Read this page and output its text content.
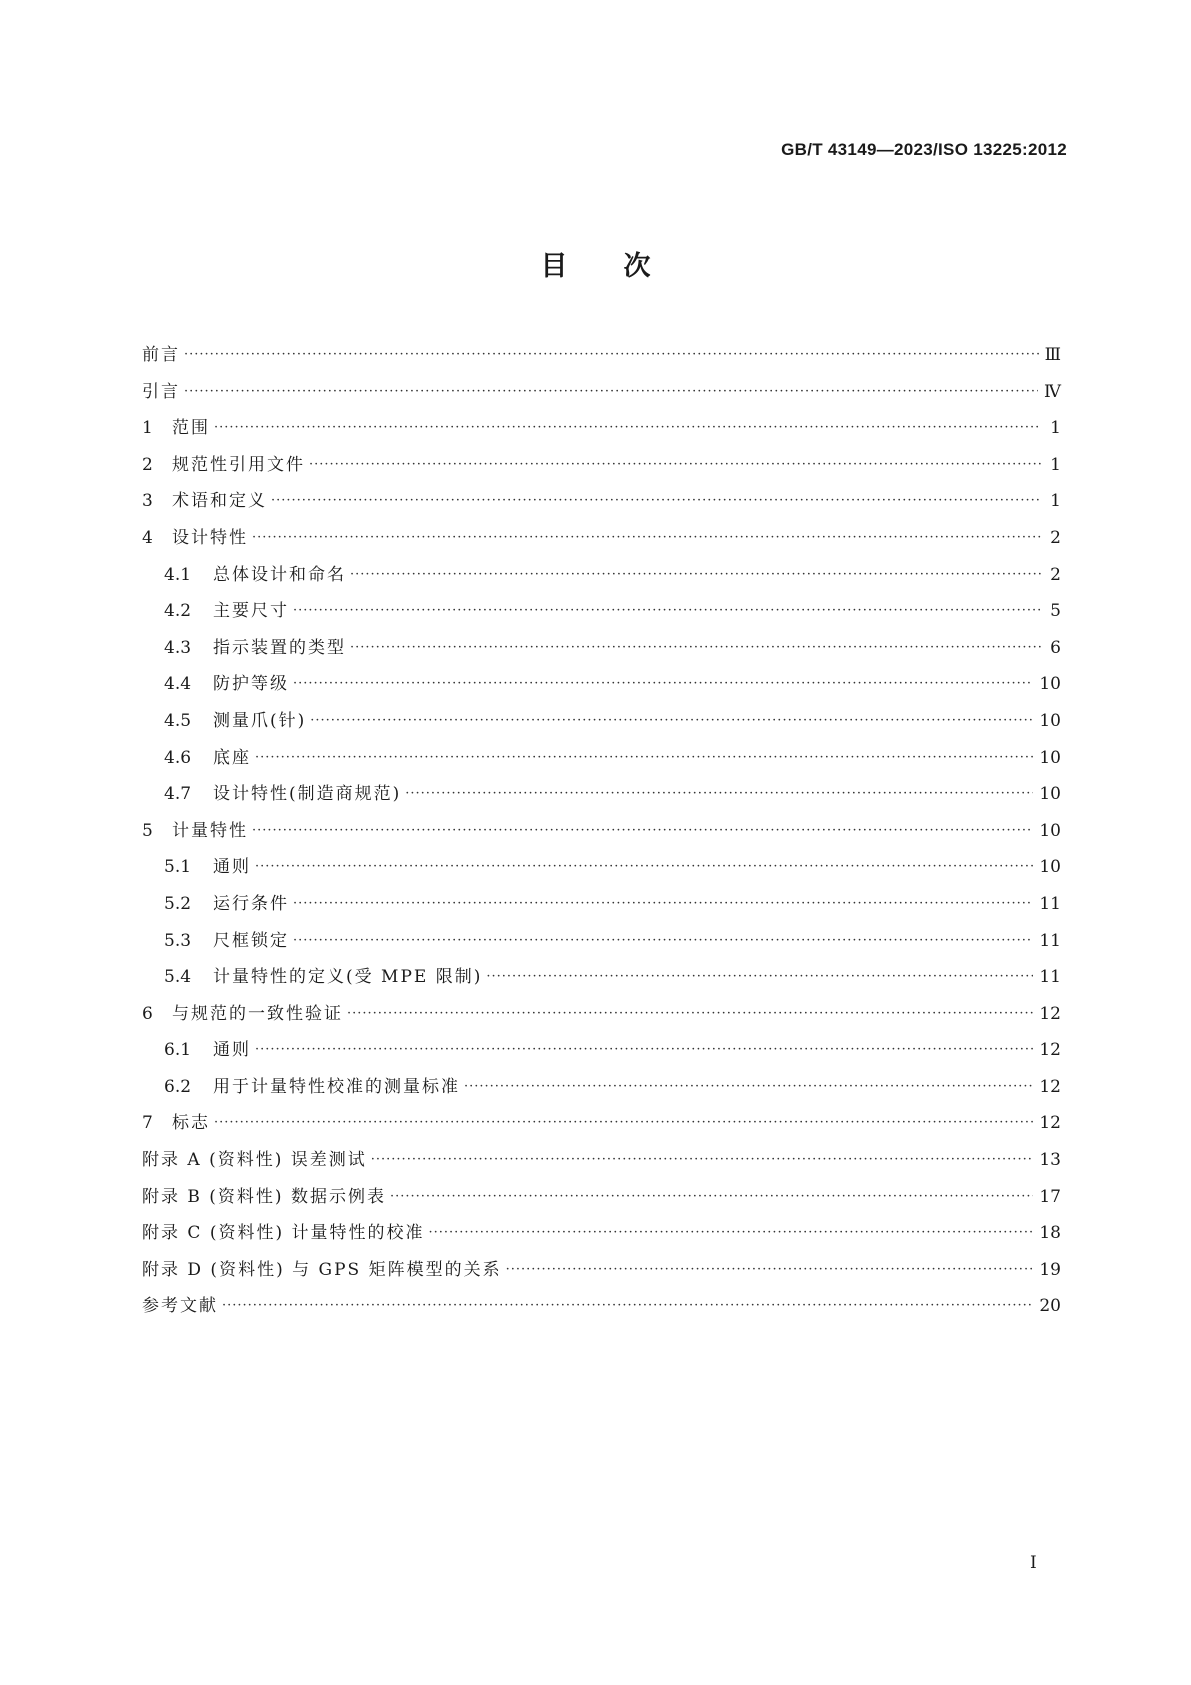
GB/T 43149—2023/ISO 13225:2012
目次
前言 ·····	Ⅲ
引言 ·····	Ⅳ
1	范围 ·····	1
2	规范性引用文件 ·····	1
3	术语和定义 ·····	1
4	设计特性 ·····	2
4.1	总体设计和命名 ·····	2
4.2	主要尺寸 ·····	5
4.3	指示装置的类型 ·····	6
4.4	防护等级 ·····	10
4.5	测量爪(针) ·····	10
4.6	底座 ·····	10
4.7	设计特性(制造商规范) ·····	10
5	计量特性 ·····	10
5.1	通则 ·····	10
5.2	运行条件 ·····	11
5.3	尺框锁定 ·····	11
5.4	计量特性的定义(受 MPE 限制) ·····	11
6	与规范的一致性验证 ·····	12
6.1	通则 ·····	12
6.2	用于计量特性校准的测量标准 ·····	12
7	标志 ·····	12
附录 A (资料性) 误差测试 ·····	13
附录 B (资料性) 数据示例表 ·····	17
附录 C (资料性) 计量特性的校准 ·····	18
附录 D (资料性) 与 GPS 矩阵模型的关系 ·····	19
参考文献 ·····	20
I
